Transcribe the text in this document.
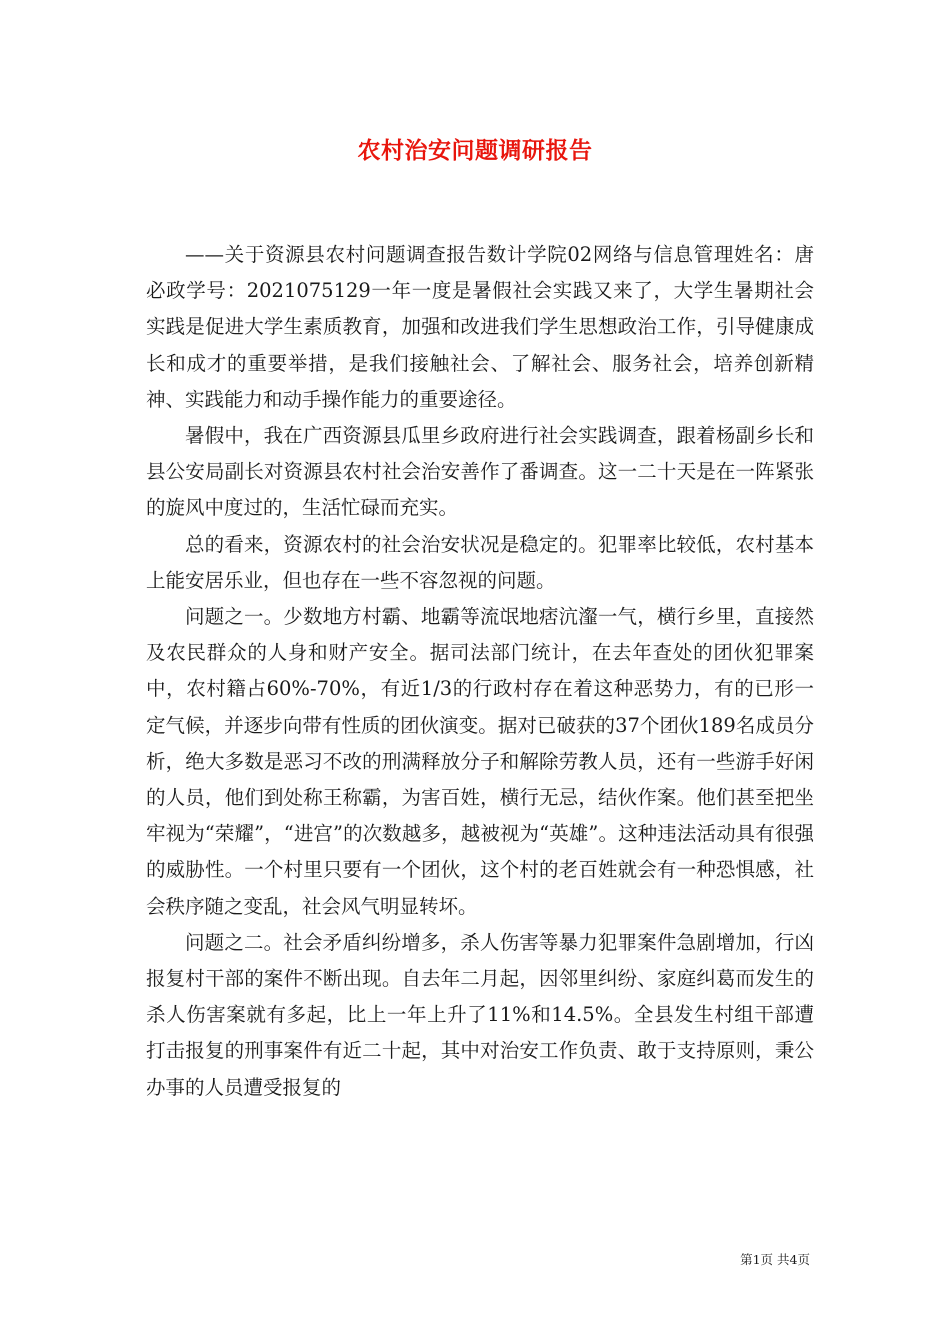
农村治安问题调研报告

——关于资源县农村问题调查报告数计学院02网络与信息管理姓名：唐必政学号：2021075129一年一度是暑假社会实践又来了，大学生暑期社会实践是促进大学生素质教育，加强和改进我们学生思想政治工作，引导健康成长和成才的重要举措，是我们接触社会、了解社会、服务社会，培养创新精神、实践能力和动手操作能力的重要途径。

暑假中，我在广西资源县瓜里乡政府进行社会实践调查，跟着杨副乡长和县公安局副长对资源县农村社会治安善作了番调查。这一二十天是在一阵紧张的旋风中度过的，生活忙碌而充实。

总的看来，资源农村的社会治安状况是稳定的。犯罪率比较低，农村基本上能安居乐业，但也存在一些不容忽视的问题。

问题之一。少数地方村霸、地霸等流氓地痞沆瀣一气，横行乡里，直接然及农民群众的人身和财产安全。据司法部门统计，在去年查处的团伙犯罪案中，农村籍占60%-70%，有近1/3的行政村存在着这种恶势力，有的已形一定气候，并逐步向带有性质的团伙演变。据对已破获的37个团伙189名成员分析，绝大多数是恶习不改的刑满释放分子和解除劳教人员，还有一些游手好闲的人员，他们到处称王称霸，为害百姓，横行无忌，结伙作案。他们甚至把坐牢视为“荣耀”，“进宫”的次数越多，越被视为“英雄”。这种违法活动具有很强的威胁性。一个村里只要有一个团伙，这个村的老百姓就会有一种恐惧感，社会秩序随之变乱，社会风气明显转坏。

问题之二。社会矛盾纠纷增多，杀人伤害等暴力犯罪案件急剧增加，行凶报复村干部的案件不断出现。自去年二月起，因邻里纠纷、家庭纠葛而发生的杀人伤害案就有多起，比上一年上升了11%和14.5%。全县发生村组干部遭打击报复的刑事案件有近二十起，其中对治安工作负责、敢于支持原则，秉公办事的人员遭受报复的

第1页 共4页
